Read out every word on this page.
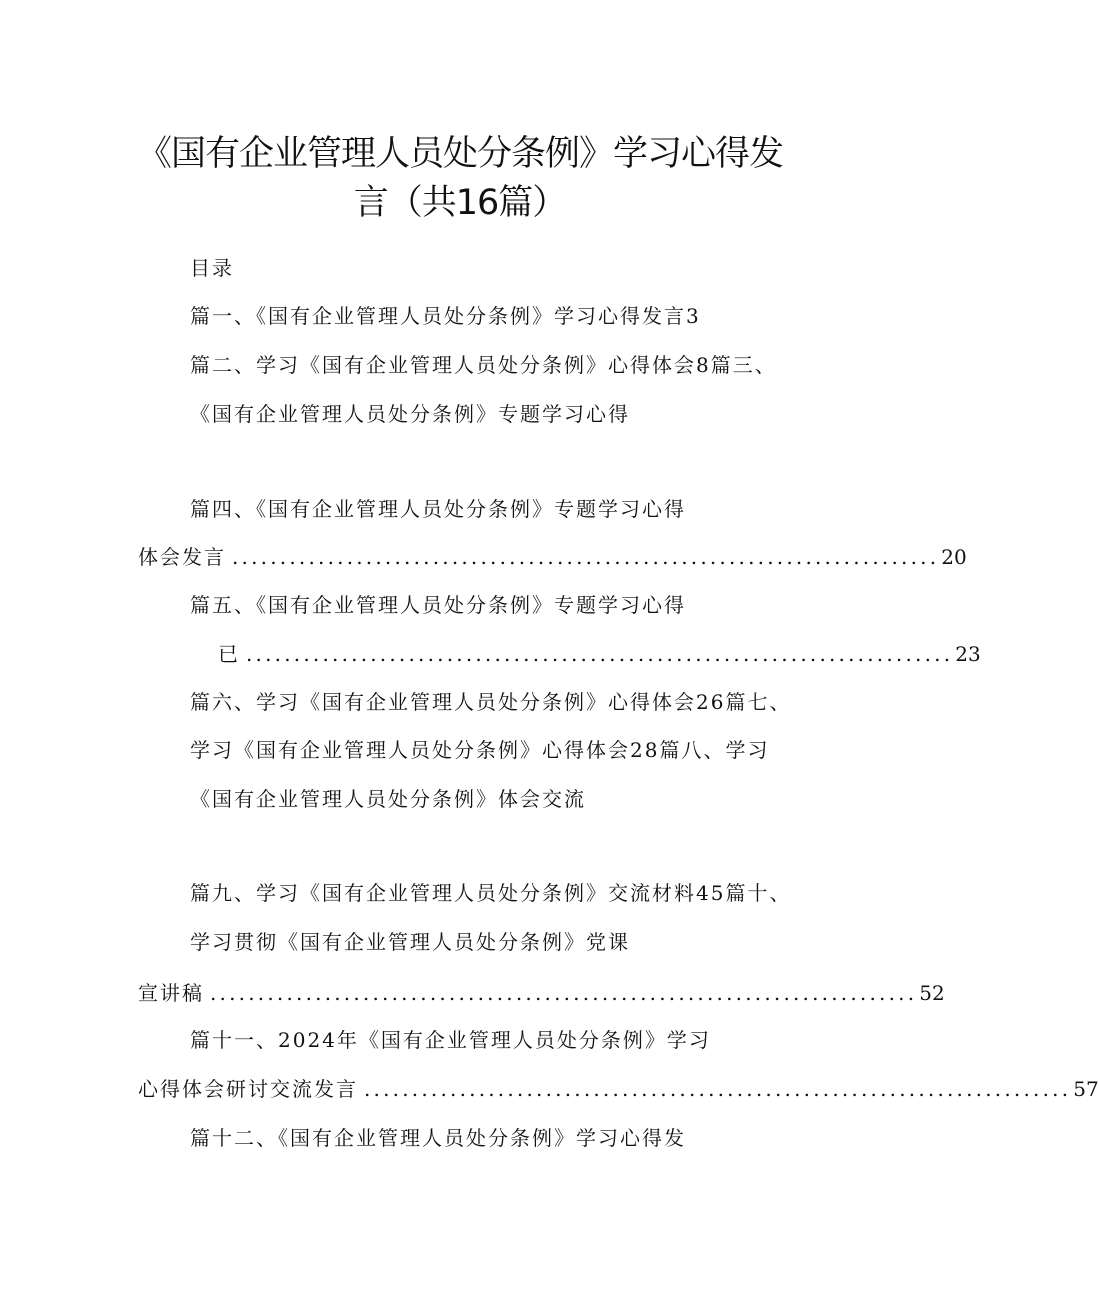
《国有企业管理人员处分条例》学习心得发
言（共16篇）
目录
篇一、《国有企业管理人员处分条例》学习心得发言3
篇二、学习《国有企业管理人员处分条例》心得体会8篇三、
《国有企业管理人员处分条例》专题学习心得
篇四、《国有企业管理人员处分条例》专题学习心得
体会发言 .......................................................................... 20
篇五、《国有企业管理人员处分条例》专题学习心得
已 .......................................................................... 23
篇六、学习《国有企业管理人员处分条例》心得体会26篇七、
学习《国有企业管理人员处分条例》心得体会28篇八、学习
《国有企业管理人员处分条例》体会交流
篇九、学习《国有企业管理人员处分条例》交流材料45篇十、
学习贯彻《国有企业管理人员处分条例》党课
宣讲稿 .......................................................................... 52
篇十一、2024年《国有企业管理人员处分条例》学习
心得体会研讨交流发言 .......................................................................... 57
篇十二、《国有企业管理人员处分条例》学习心得发
